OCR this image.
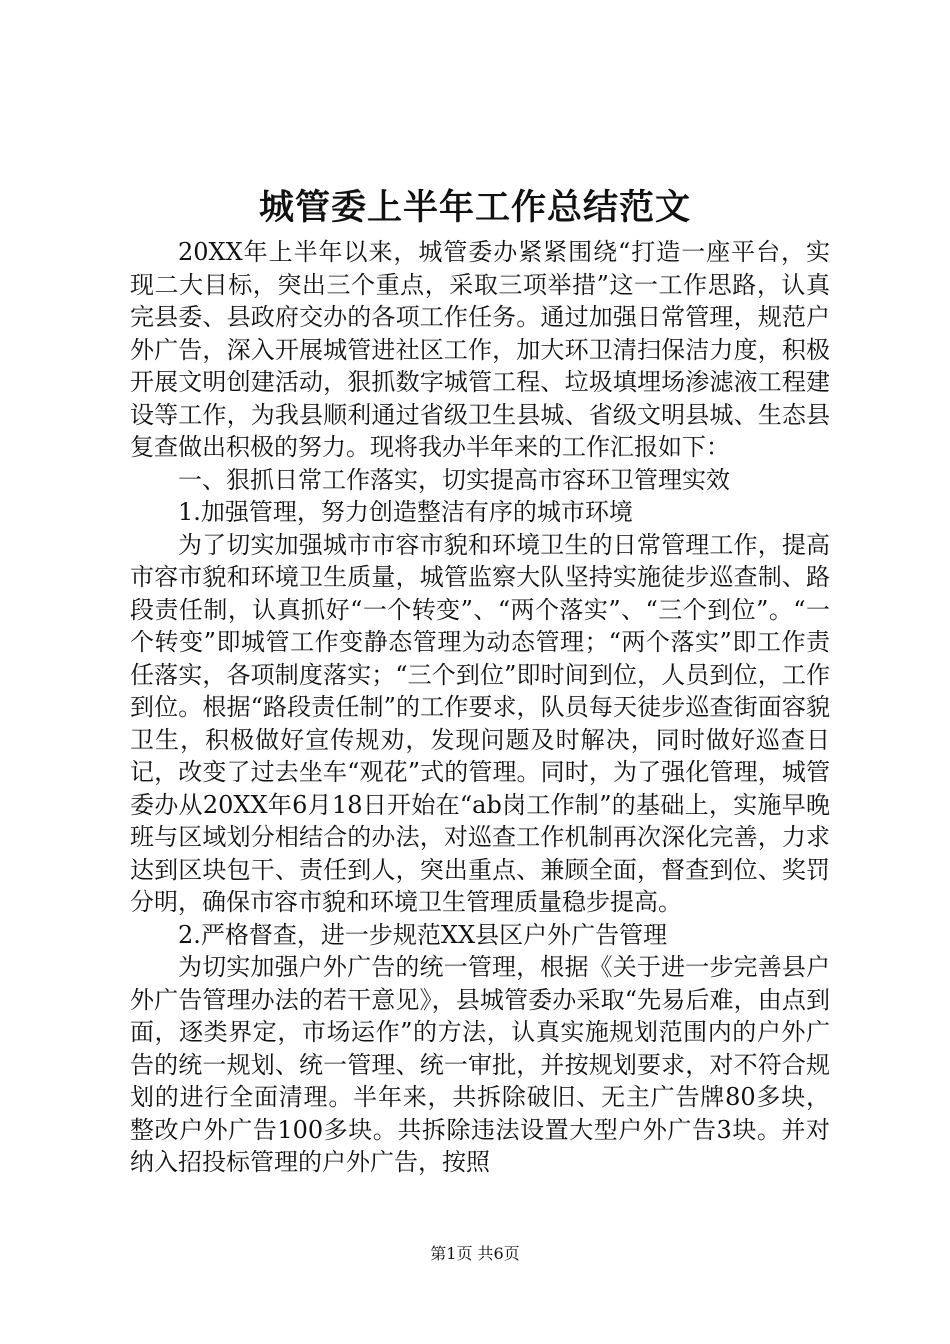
城管委上半年工作总结范文

20XX年上半年以来，城管委办紧紧围绕“打造一座平台，实现二大目标，突出三个重点，采取三项举措”这一工作思路，认真完县委、县政府交办的各项工作任务。通过加强日常管理，规范户外广告，深入开展城管进社区工作，加大环卫清扫保洁力度，积极开展文明创建活动，狠抓数字城管工程、垃圾填埋场渗滤液工程建设等工作，为我县顺利通过省级卫生县城、省级文明县城、生态县复查做出积极的努力。现将我办半年来的工作汇报如下：

一、狠抓日常工作落实，切实提高市容环卫管理实效

1.加强管理，努力创造整洁有序的城市环境

为了切实加强城市市容市貌和环境卫生的日常管理工作，提高市容市貌和环境卫生质量，城管监察大队坚持实施徒步巡查制、路段责任制，认真抓好“一个转变”、“两个落实”、“三个到位”。“一个转变”即城管工作变静态管理为动态管理；“两个落实”即工作责任落实，各项制度落实；“三个到位”即时间到位，人员到位，工作到位。根据“路段责任制”的工作要求，队员每天徒步巡查街面容貌卫生，积极做好宣传规劝，发现问题及时解决，同时做好巡查日记，改变了过去坐车“观花”式的管理。同时，为了强化管理，城管委办从20XX年6月18日开始在“ab岗工作制”的基础上，实施早晚班与区域划分相结合的办法，对巡查工作机制再次深化完善，力求达到区块包干、责任到人，突出重点、兼顾全面，督查到位、奖罚分明，确保市容市貌和环境卫生管理质量稳步提高。

2.严格督查，进一步规范XX县区户外广告管理

为切实加强户外广告的统一管理，根据《关于进一步完善县户外广告管理办法的若干意见》，县城管委办采取“先易后难，由点到面，逐类界定，市场运作”的方法，认真实施规划范围内的户外广告的统一规划、统一管理、统一审批，并按规划要求，对不符合规划的进行全面清理。半年来，共拆除破旧、无主广告牌80多块，整改户外广告100多块。共拆除违法设置大型户外广告3块。并对纳入招投标管理的户外广告，按照

第1页 共6页
